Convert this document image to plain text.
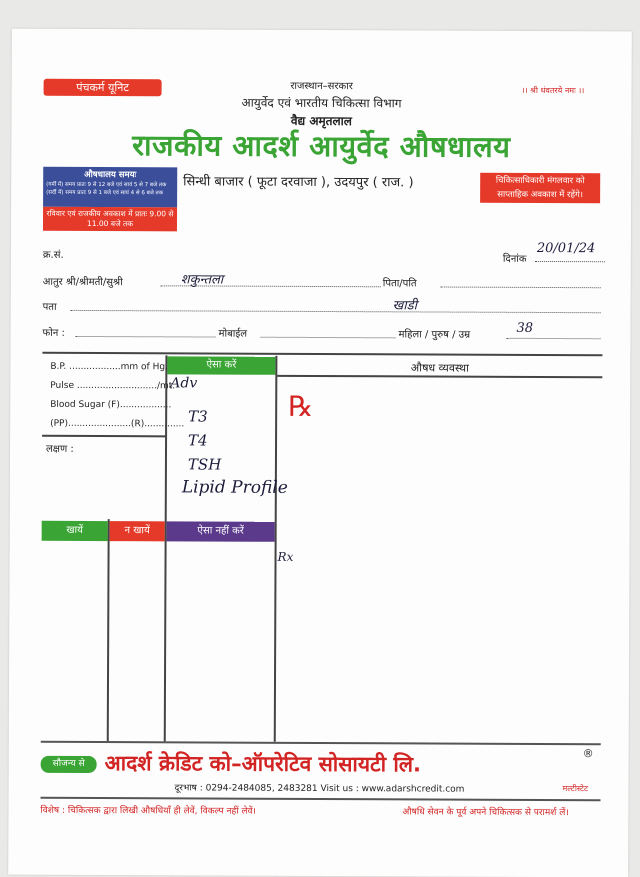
पंचकर्म यूनिट	।। श्री धंवतरये नमः ।।
राजस्थान–सरकार
आयुर्वेद एवं भारतीय चिकित्सा विभाग
वैद्य अमृतलाल
राजकीय आदर्श आयुर्वेद औषधालय
औषधालय समयः
(गर्मी में) समय प्रातः 9 से 12 बजे एवं सायं 5 से 7 बजे तक
(सर्दी में) समय प्रातः 9 से 1 बजे एवं सायं 4 से 6 बजे तक
रविवार एवं राजकीय अवकाश में प्रातः 9.00 से 11.00 बजे तक
सिन्धी बाजार ( फूटा दरवाजा ), उदयपुर ( राज. )	चिकित्साधिकारी मंगलवार को साप्ताहिक अवकाश में रहेंगे।
क्र.सं.	दिनांक
20/01/24
आतुर श्री/श्रीमती/सुश्री	शकुन्तला	पिता/पति
पता	खाडी
फोन :	मोबाईल	महिला / पुरुष / उम्र	38
ऐसा करें	औषध व्यवस्था
B.P. ..................mm of Hg.
Pulse ............................/mt.
Blood Sugar (F)..................
(PP)......................(R)..............
लक्षण :
खायें	न खायें	ऐसा नहीं करें
Adv
℞
T3
T4
TSH
Lipid Profile
Rx
सौजन्य से आदर्श क्रेडिट को–ऑपरेटिव सोसायटी लि.	®
मल्टीस्टेट
दूरभाष : 0294-2484085, 2483281 Visit us : www.adarshcredit.com
विशेष : चिकित्सक द्वारा लिखी औषधियाँ ही लेवें, विकल्प नहीं लेवें।	औषधि सेवन के पूर्व अपने चिकित्सक से परामर्श लें।
